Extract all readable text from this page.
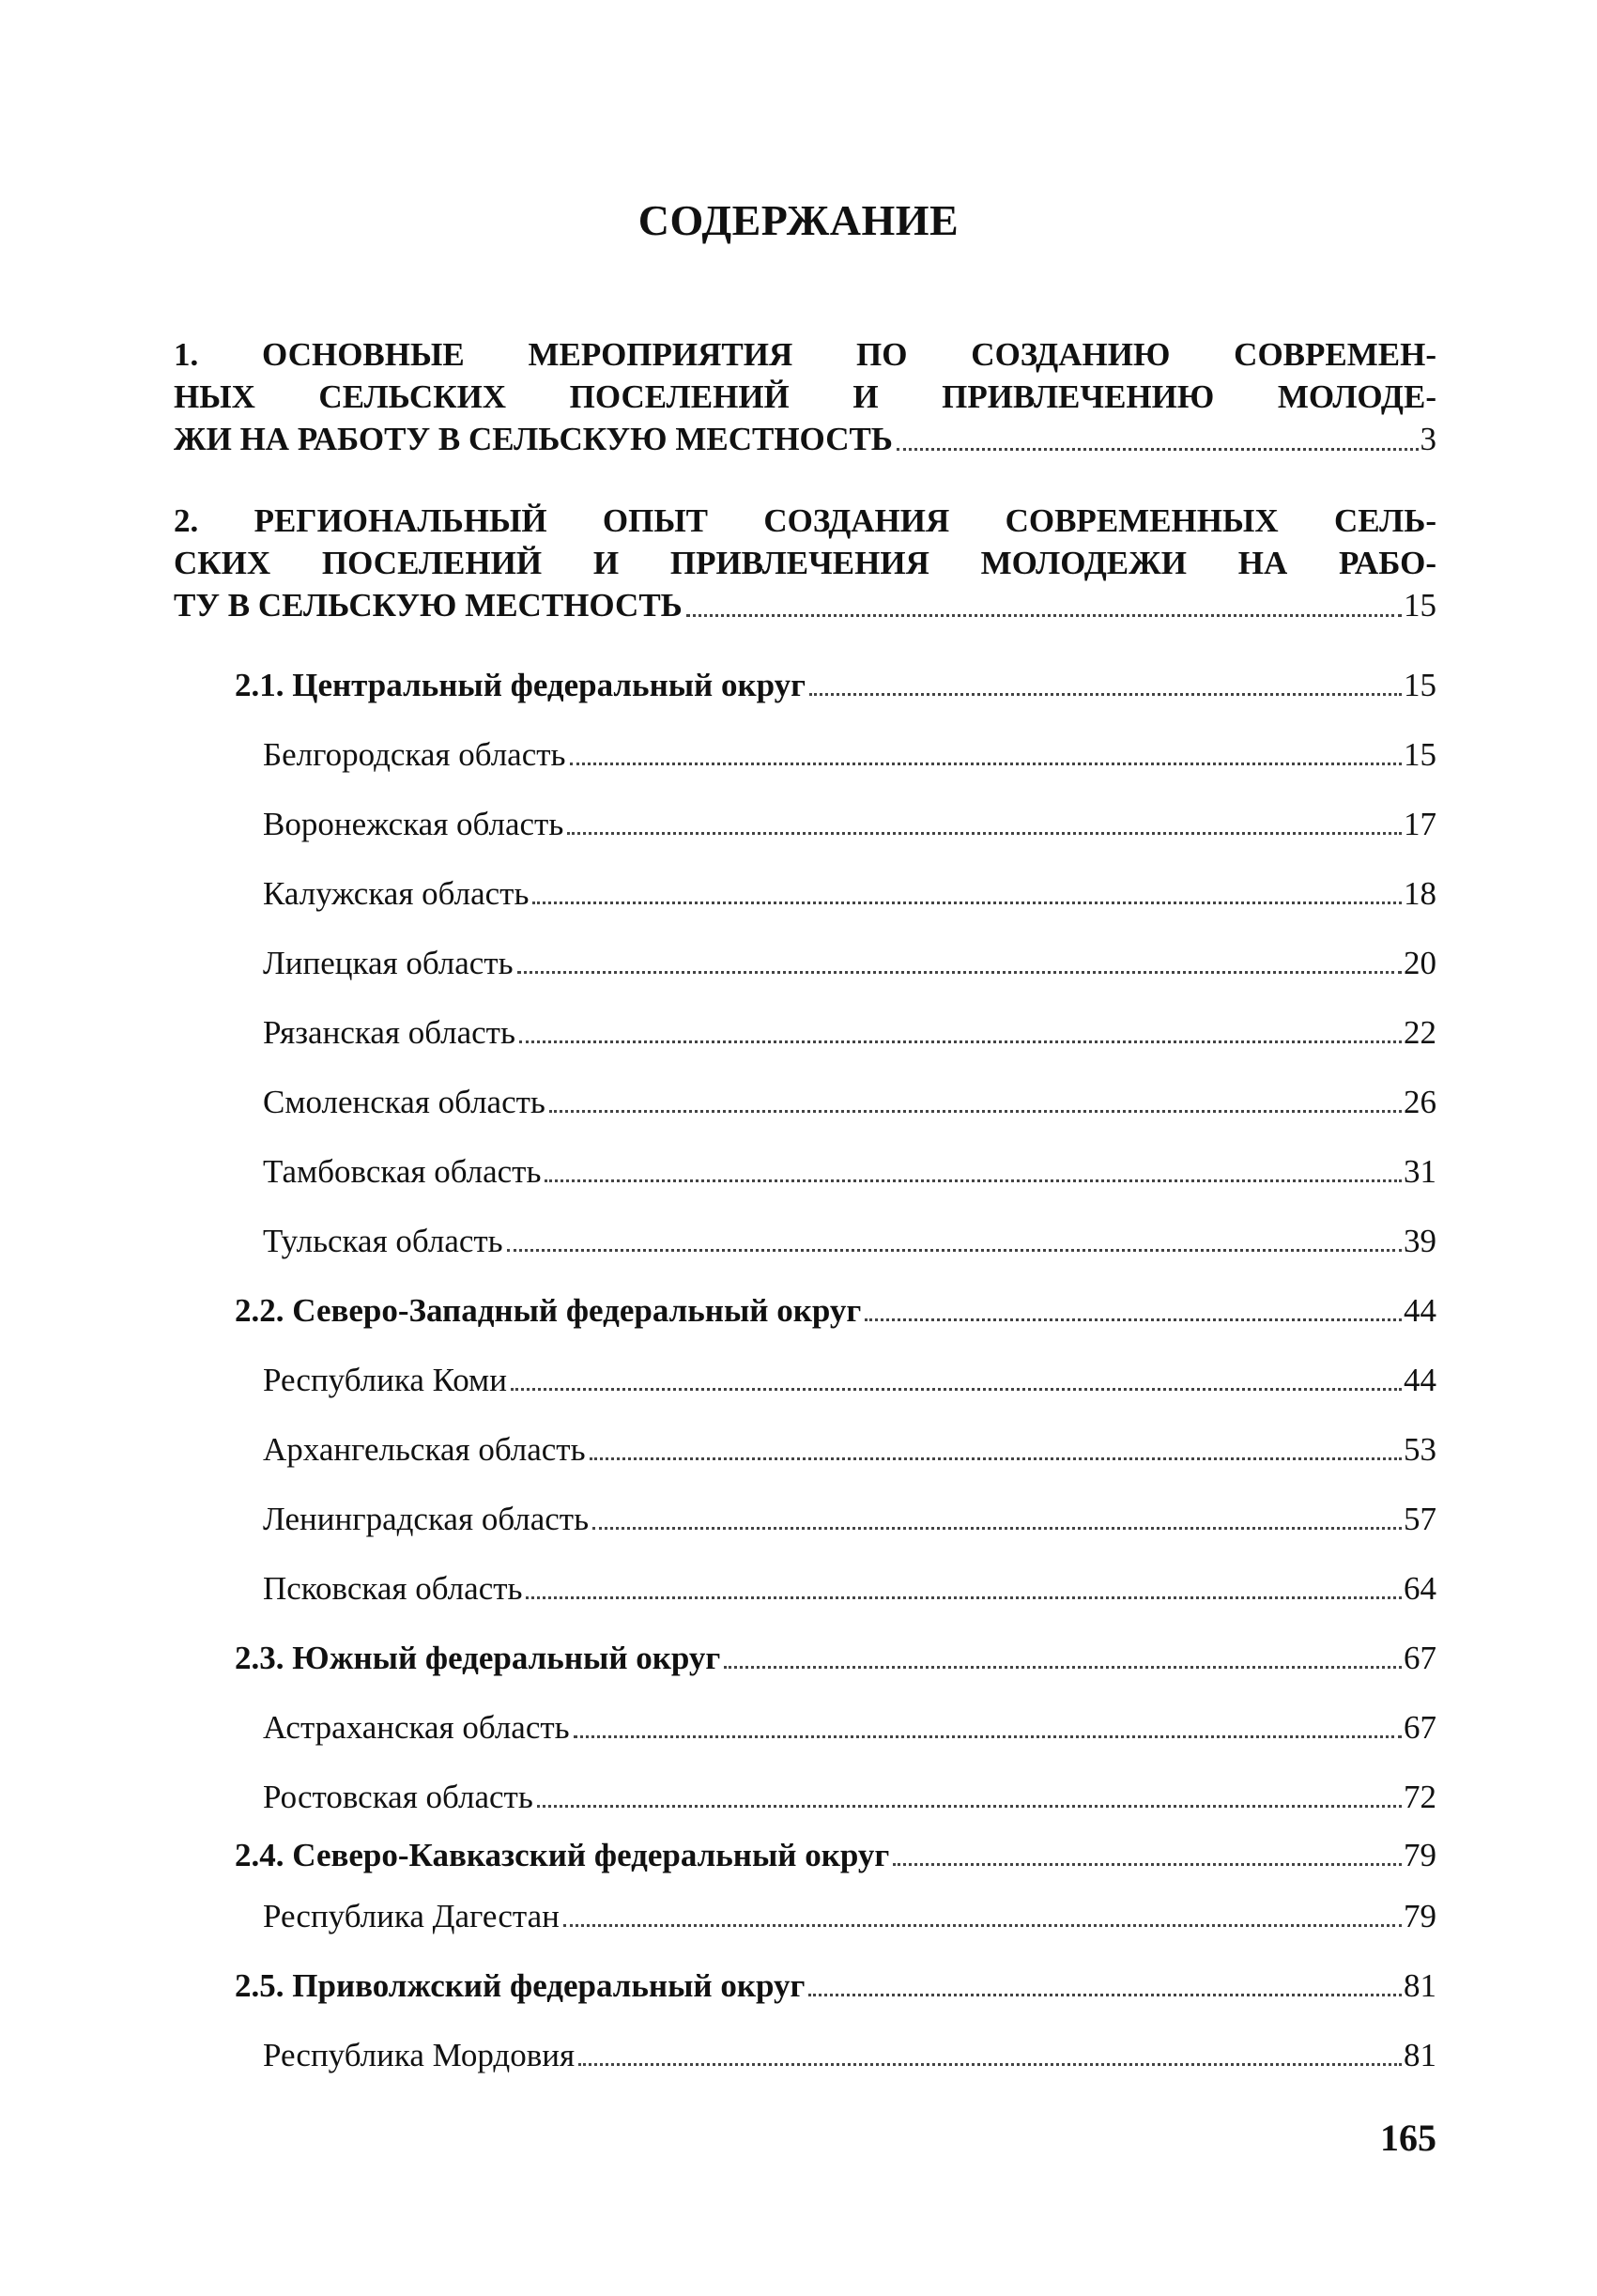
СОДЕРЖАНИЕ
1. ОСНОВНЫЕ МЕРОПРИЯТИЯ ПО СОЗДАНИЮ СОВРЕМЕН-
НЫХ СЕЛЬСКИХ ПОСЕЛЕНИЙ И ПРИВЛЕЧЕНИЮ МОЛОДЕ-
ЖИ НА РАБОТУ В СЕЛЬСКУЮ МЕСТНОСТЬ	3
2. РЕГИОНАЛЬНЫЙ ОПЫТ СОЗДАНИЯ СОВРЕМЕННЫХ СЕЛЬ-
СКИХ ПОСЕЛЕНИЙ И ПРИВЛЕЧЕНИЯ МОЛОДЕЖИ НА РАБО-
ТУ В СЕЛЬСКУЮ МЕСТНОСТЬ	15
2.1. Центральный федеральный округ	15
Белгородская область	15
Воронежская область	17
Калужская область	18
Липецкая область	20
Рязанская область	22
Смоленская область	26
Тамбовская область	31
Тульская область	39
2.2. Северо-Западный федеральный округ	44
Республика Коми	44
Архангельская область	53
Ленинградская область	57
Псковская область	64
2.3. Южный федеральный округ	67
Астраханская область	67
Ростовская область	72
2.4. Северо-Кавказский федеральный округ	79
Республика Дагестан	79
2.5. Приволжский федеральный округ	81
Республика Мордовия	81
165
